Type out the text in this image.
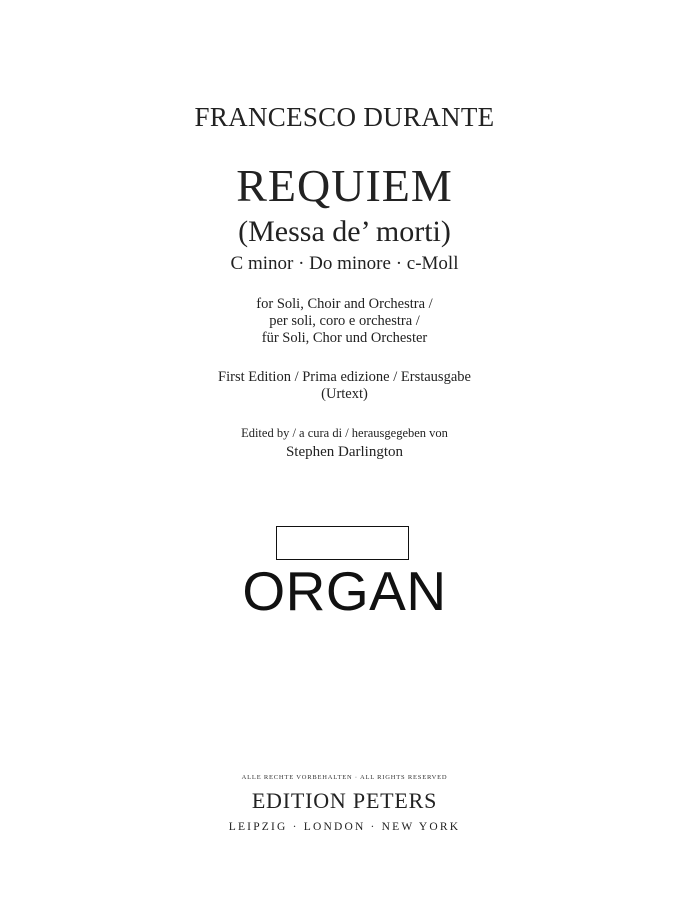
FRANCESCO DURANTE
REQUIEM
(Messa de’ morti)
C minor · Do minore · c-Moll
for Soli, Choir and Orchestra /
per soli, coro e orchestra /
für Soli, Chor und Orchester
First Edition / Prima edizione / Erstausgabe
(Urtext)
Edited by / a cura di / herausgegeben von
Stephen Darlington
ORGAN
ALLE RECHTE VORBEHALTEN · ALL RIGHTS RESERVED
EDITION PETERS
LEIPZIG · LONDON · NEW YORK
